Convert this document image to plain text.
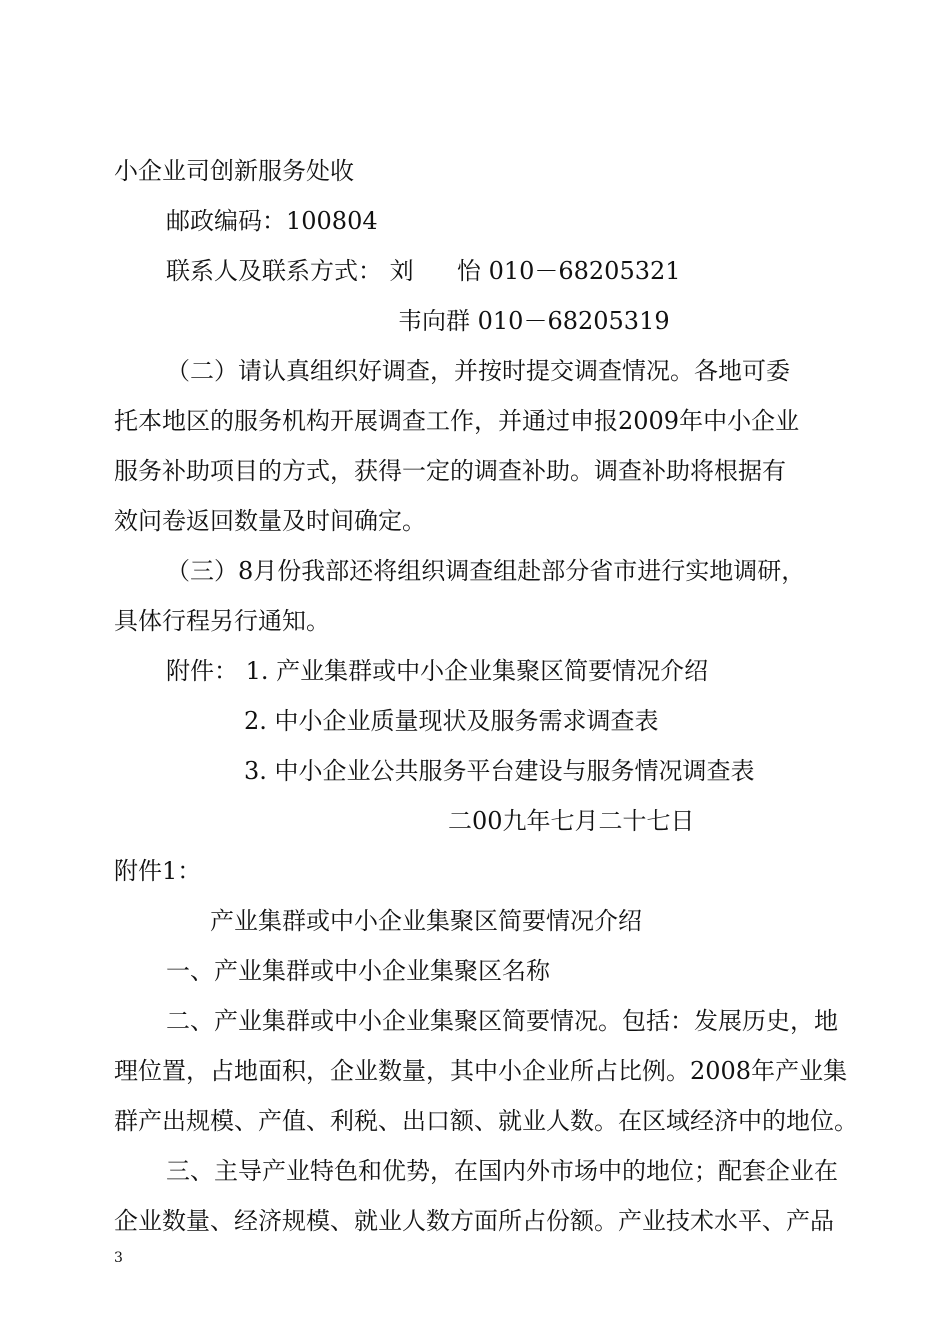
小企业司创新服务处收
邮政编码：100804
联系人及联系方式： 刘 怡 010－68205321
韦向群 010－68205319
（二）请认真组织好调查，并按时提交调查情况。各地可委
托本地区的服务机构开展调查工作，并通过申报2009年中小企业
服务补助项目的方式，获得一定的调查补助。调查补助将根据有
效问卷返回数量及时间确定。
（三）8月份我部还将组织调查组赴部分省市进行实地调研，
具体行程另行通知。
附件： 1. 产业集群或中小企业集聚区简要情况介绍
2. 中小企业质量现状及服务需求调查表
3. 中小企业公共服务平台建设与服务情况调查表
二00九年七月二十七日
附件1：
产业集群或中小企业集聚区简要情况介绍
一、产业集群或中小企业集聚区名称
二、产业集群或中小企业集聚区简要情况。包括：发展历史，地
理位置，占地面积，企业数量，其中小企业所占比例。2008年产业集
群产出规模、产值、利税、出口额、就业人数。在区域经济中的地位。
三、主导产业特色和优势，在国内外市场中的地位；配套企业在
企业数量、经济规模、就业人数方面所占份额。产业技术水平、产品
3
